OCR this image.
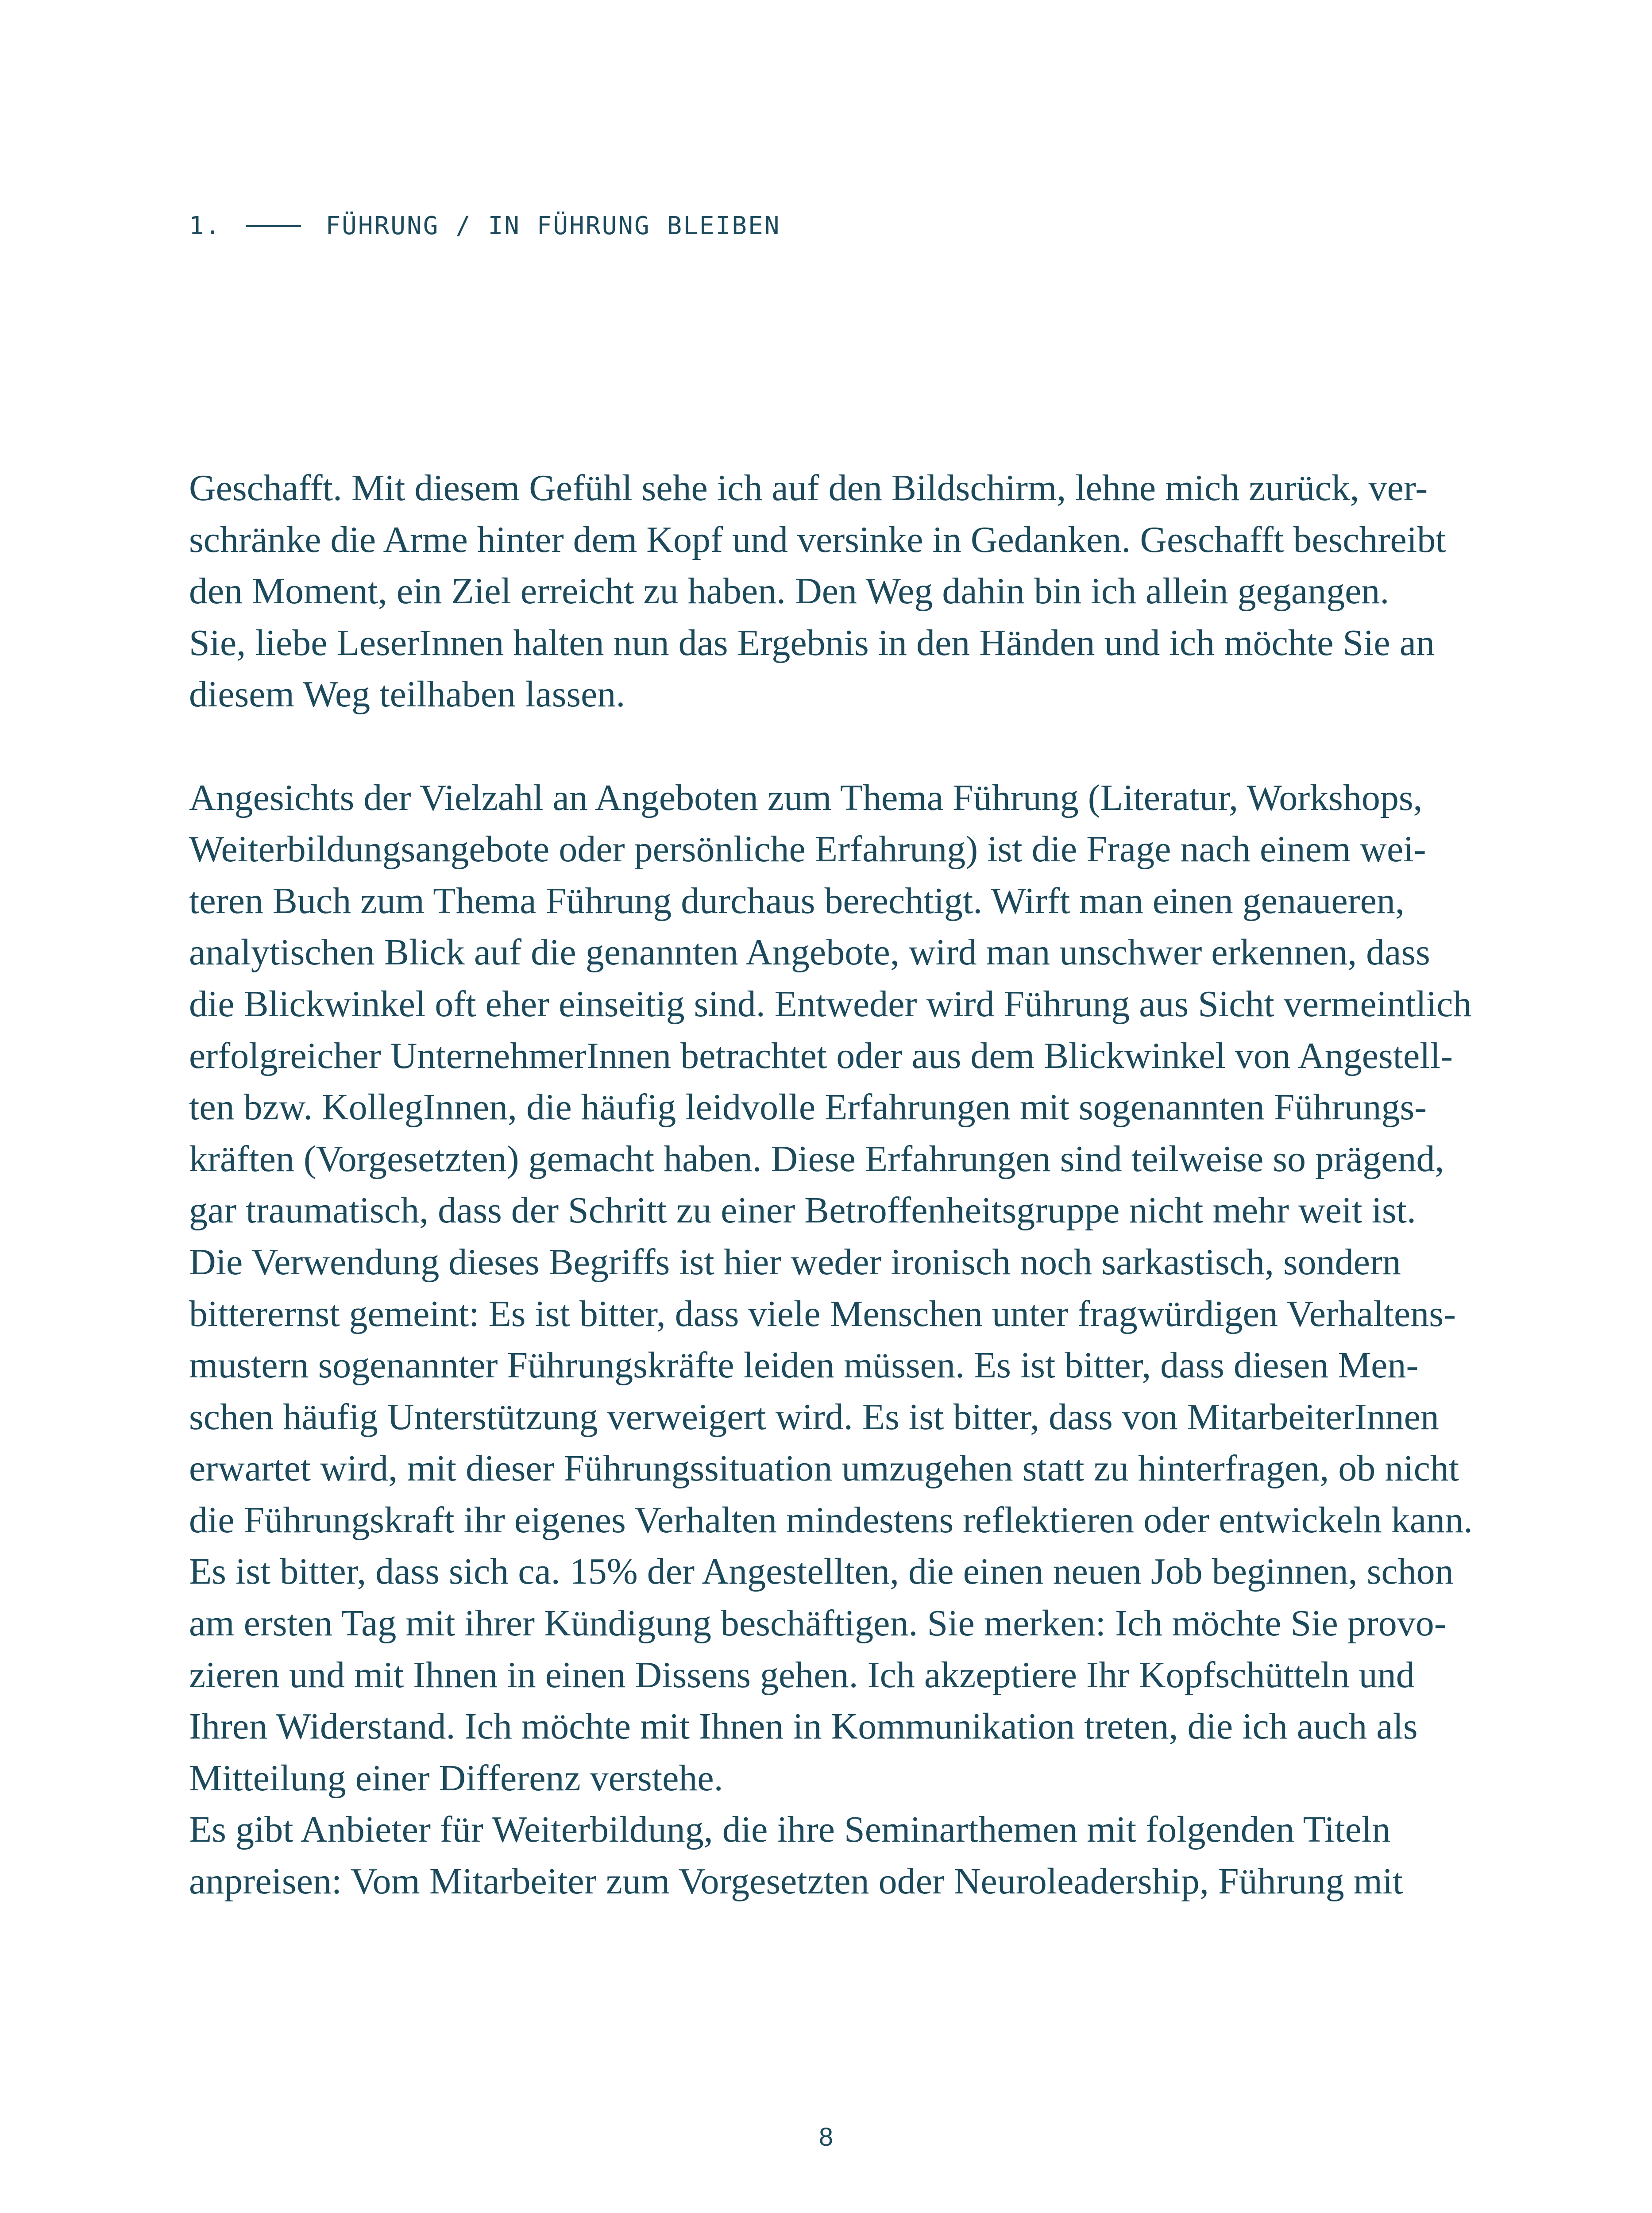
1.	FÜHRUNG / IN FÜHRUNG BLEIBEN
Geschafft. Mit diesem Gefühl sehe ich auf den Bildschirm, lehne mich zurück, ver-
schränke die Arme hinter dem Kopf und versinke in Gedanken. Geschafft beschreibt
den Moment, ein Ziel erreicht zu haben. Den Weg dahin bin ich allein gegangen.
Sie, liebe LeserInnen halten nun das Ergebnis in den Händen und ich möchte Sie an
diesem Weg teilhaben lassen.
Angesichts der Vielzahl an Angeboten zum Thema Führung (Literatur, Workshops,
Weiterbildungsangebote oder persönliche Erfahrung) ist die Frage nach einem wei-
teren Buch zum Thema Führung durchaus berechtigt. Wirft man einen genaueren,
analytischen Blick auf die genannten Angebote, wird man unschwer erkennen, dass
die Blickwinkel oft eher einseitig sind. Entweder wird Führung aus Sicht vermeintlich
erfolgreicher UnternehmerInnen betrachtet oder aus dem Blickwinkel von Angestell-
ten bzw. KollegInnen, die häufig leidvolle Erfahrungen mit sogenannten Führungs-
kräften (Vorgesetzten) gemacht haben. Diese Erfahrungen sind teilweise so prägend,
gar traumatisch, dass der Schritt zu einer Betroffenheitsgruppe nicht mehr weit ist.
Die Verwendung dieses Begriffs ist hier weder ironisch noch sarkastisch, sondern
bitterernst gemeint: Es ist bitter, dass viele Menschen unter fragwürdigen Verhaltens-
mustern sogenannter Führungskräfte leiden müssen. Es ist bitter, dass diesen Men-
schen häufig Unterstützung verweigert wird. Es ist bitter, dass von MitarbeiterInnen
erwartet wird, mit dieser Führungssituation umzugehen statt zu hinterfragen, ob nicht
die Führungskraft ihr eigenes Verhalten mindestens reflektieren oder entwickeln kann.
Es ist bitter, dass sich ca. 15% der Angestellten, die einen neuen Job beginnen, schon
am ersten Tag mit ihrer Kündigung beschäftigen. Sie merken: Ich möchte Sie provo-
zieren und mit Ihnen in einen Dissens gehen. Ich akzeptiere Ihr Kopfschütteln und
Ihren Widerstand. Ich möchte mit Ihnen in Kommunikation treten, die ich auch als
Mitteilung einer Differenz verstehe.
Es gibt Anbieter für Weiterbildung, die ihre Seminarthemen mit folgenden Titeln
anpreisen: Vom Mitarbeiter zum Vorgesetzten oder Neuroleadership, Führung mit
8
